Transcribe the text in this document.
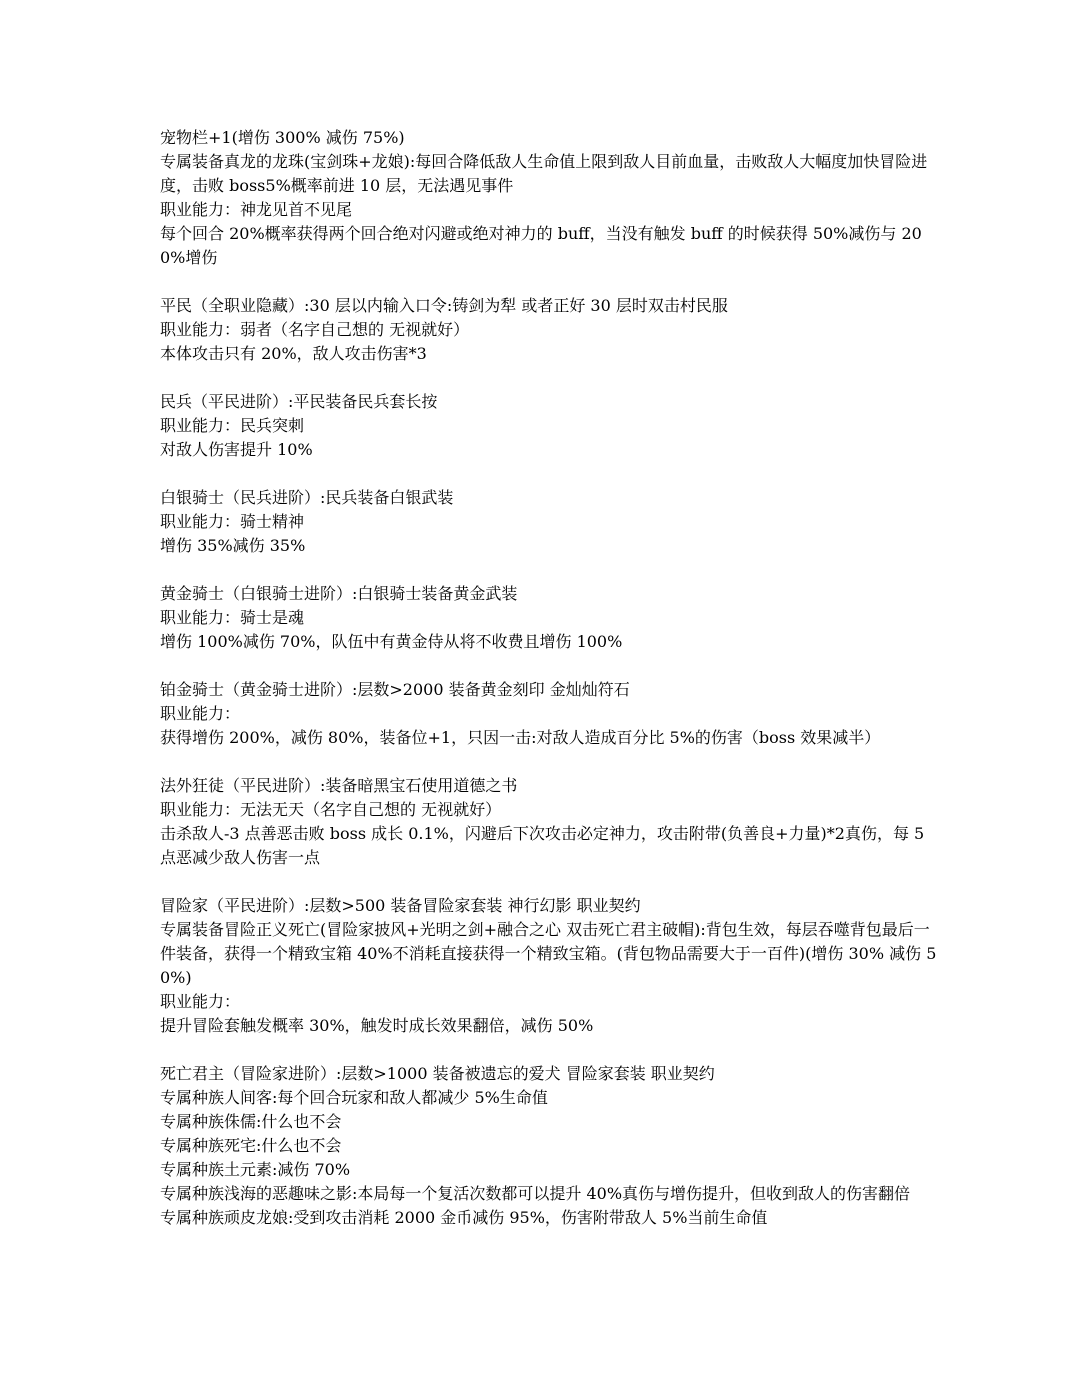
宠物栏+1(增伤 300% 减伤 75%)
专属装备真龙的龙珠(宝剑珠+龙娘):每回合降低敌人生命值上限到敌人目前血量，击败敌人大幅度加快冒险进度，击败 boss5%概率前进 10 层，无法遇见事件
职业能力：神龙见首不见尾
每个回合 20%概率获得两个回合绝对闪避或绝对神力的 buff，当没有触发 buff 的时候获得 50%减伤与 200%增伤
平民（全职业隐藏）:30 层以内输入口令:铸剑为犁 或者正好 30 层时双击村民服
职业能力：弱者（名字自己想的 无视就好）
本体攻击只有 20%，敌人攻击伤害*3
民兵（平民进阶）:平民装备民兵套长按
职业能力：民兵突刺
对敌人伤害提升 10%
白银骑士（民兵进阶）:民兵装备白银武装
职业能力：骑士精神
增伤 35%减伤 35%
黄金骑士（白银骑士进阶）:白银骑士装备黄金武装
职业能力：骑士是魂
增伤 100%减伤 70%，队伍中有黄金侍从将不收费且增伤 100%
铂金骑士（黄金骑士进阶）:层数>2000 装备黄金刻印 金灿灿符石
职业能力：
获得增伤 200%，减伤 80%，装备位+1，只因一击:对敌人造成百分比 5%的伤害（boss 效果减半）
法外狂徒（平民进阶）:装备暗黑宝石使用道德之书
职业能力：无法无天（名字自己想的 无视就好）
击杀敌人-3 点善恶击败 boss 成长 0.1%，闪避后下次攻击必定神力，攻击附带(负善良+力量)*2真伤，每 5 点恶减少敌人伤害一点
冒险家（平民进阶）:层数>500 装备冒险家套装 神行幻影 职业契约
专属装备冒险正义死亡(冒险家披风+光明之剑+融合之心 双击死亡君主破帽):背包生效，每层吞噬背包最后一件装备，获得一个精致宝箱 40%不消耗直接获得一个精致宝箱。(背包物品需要大于一百件)(增伤 30% 减伤 50%)
职业能力：
提升冒险套触发概率 30%，触发时成长效果翻倍，减伤 50%
死亡君主（冒险家进阶）:层数>1000 装备被遗忘的爱犬 冒险家套装 职业契约
专属种族人间客:每个回合玩家和敌人都减少 5%生命值
专属种族侏儒:什么也不会
专属种族死宅:什么也不会
专属种族土元素:减伤 70%
专属种族浅海的恶趣味之影:本局每一个复活次数都可以提升 40%真伤与增伤提升，但收到敌人的伤害翻倍
专属种族顽皮龙娘:受到攻击消耗 2000 金币减伤 95%，伤害附带敌人 5%当前生命值
